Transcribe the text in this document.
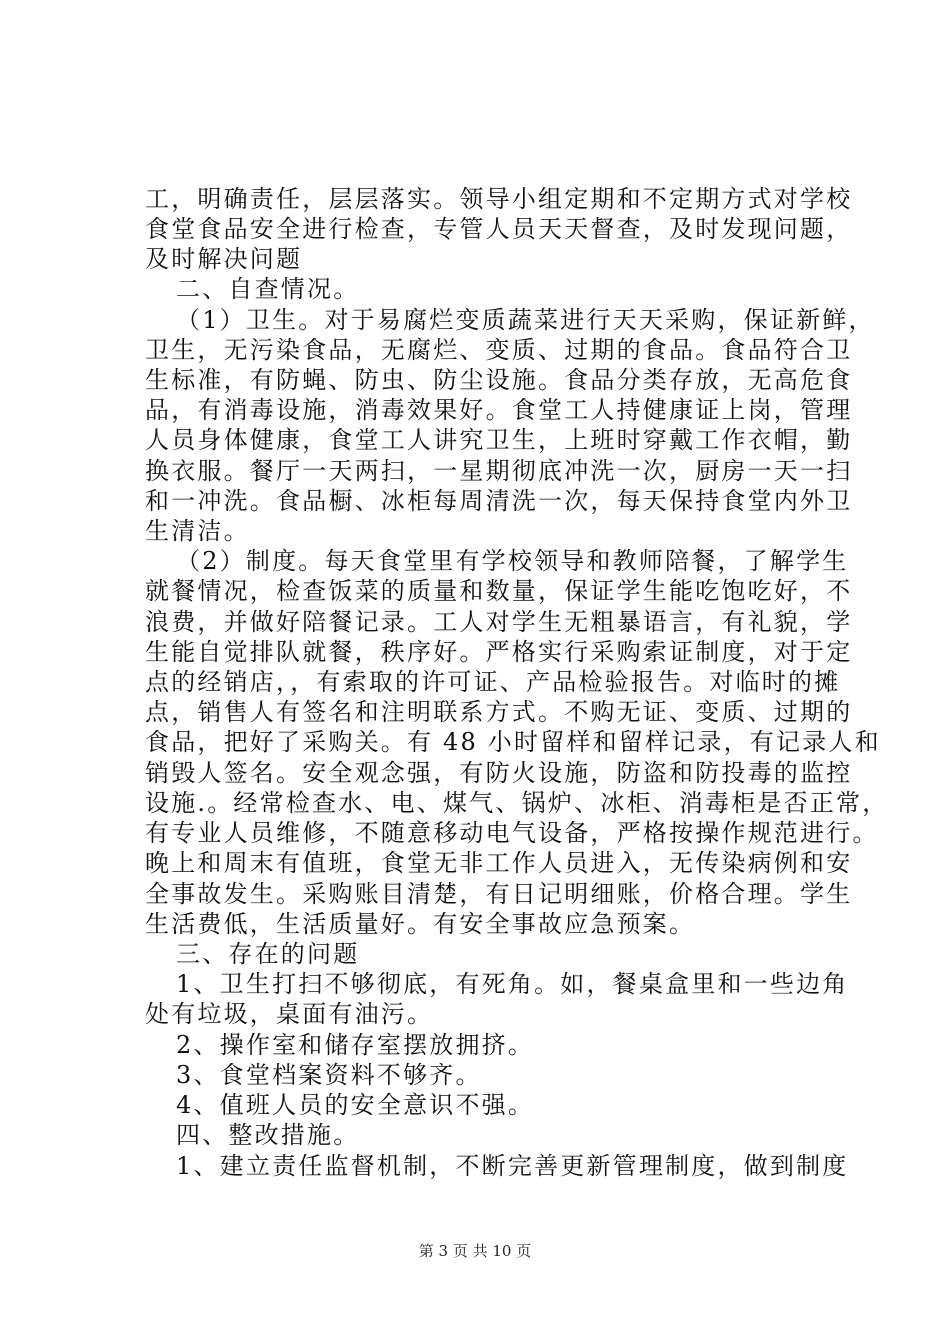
工，明确责任，层层落实。领导小组定期和不定期方式对学校
食堂食品安全进行检查，专管人员天天督查，及时发现问题，
及时解决问题
二、自查情况。
（1）卫生。对于易腐烂变质蔬菜进行天天采购，保证新鲜，
卫生，无污染食品，无腐烂、变质、过期的食品。食品符合卫
生标准，有防蝇、防虫、防尘设施。食品分类存放，无高危食
品，有消毒设施，消毒效果好。食堂工人持健康证上岗，管理
人员身体健康，食堂工人讲究卫生，上班时穿戴工作衣帽，勤
换衣服。餐厅一天两扫，一星期彻底冲洗一次，厨房一天一扫
和一冲洗。食品橱、冰柜每周清洗一次，每天保持食堂内外卫
生清洁。
（2）制度。每天食堂里有学校领导和教师陪餐，了解学生
就餐情况，检查饭菜的质量和数量，保证学生能吃饱吃好，不
浪费，并做好陪餐记录。工人对学生无粗暴语言，有礼貌，学
生能自觉排队就餐，秩序好。严格实行采购索证制度，对于定
点的经销店，，有索取的许可证、产品检验报告。对临时的摊
点，销售人有签名和注明联系方式。不购无证、变质、过期的
食品，把好了采购关。有 48 小时留样和留样记录，有记录人和
销毁人签名。安全观念强，有防火设施，防盗和防投毒的监控
设施.。经常检查水、电、煤气、锅炉、冰柜、消毒柜是否正常，
有专业人员维修，不随意移动电气设备，严格按操作规范进行。
晚上和周末有值班，食堂无非工作人员进入，无传染病例和安
全事故发生。采购账目清楚，有日记明细账，价格合理。学生
生活费低，生活质量好。有安全事故应急预案。
三、存在的问题
1、卫生打扫不够彻底，有死角。如，餐桌盒里和一些边角
处有垃圾，桌面有油污。
2、操作室和储存室摆放拥挤。
3、食堂档案资料不够齐。
4、值班人员的安全意识不强。
四、整改措施。
1、建立责任监督机制，不断完善更新管理制度，做到制度
第 3 页 共 10 页
